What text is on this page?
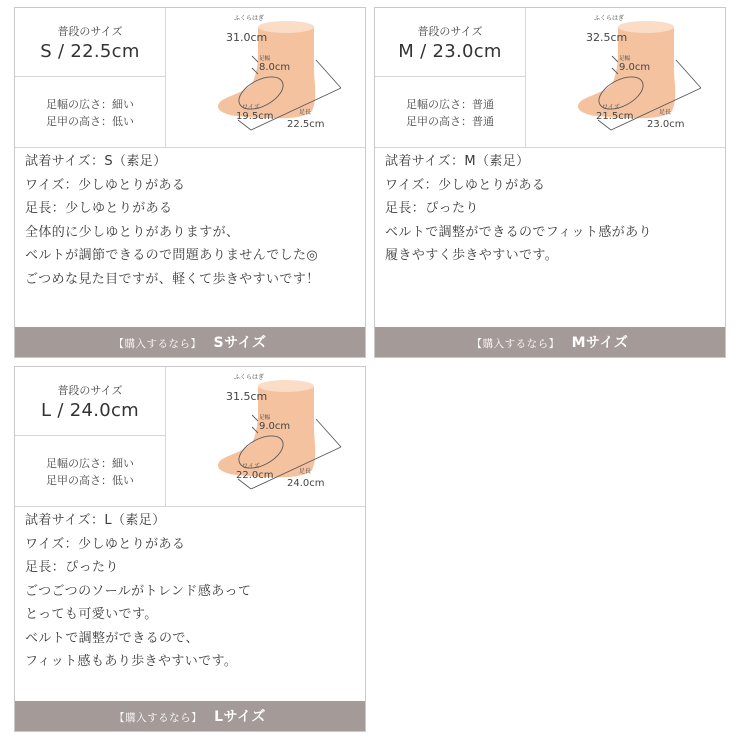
普段のサイズ
S / 22.5cm
足幅の広さ：細い
足甲の高さ：低い
ふくらはぎ
31.0cm
足幅
8.0cm
ワイズ
19.5cm	足長
22.5cm
試着サイズ：S（素足）
ワイズ：少しゆとりがある
足長：少しゆとりがある
全体的に少しゆとりがありますが、
ベルトが調節できるので問題ありませんでした◎
ごつめな見た目ですが、軽くて歩きやすいです！
【購入するなら】 Sサイズ
普段のサイズ
M / 23.0cm
足幅の広さ：普通
足甲の高さ：普通
ふくらはぎ
32.5cm
足幅
9.0cm
ワイズ
21.5cm	足長
23.0cm
試着サイズ：M（素足）
ワイズ：少しゆとりがある
足長：ぴったり
ベルトで調整ができるのでフィット感があり
履きやすく歩きやすいです。
【購入するなら】 Mサイズ
普段のサイズ
L / 24.0cm
足幅の広さ：細い
足甲の高さ：低い
ふくらはぎ
31.5cm
足幅
9.0cm
ワイズ
22.0cm	足長
24.0cm
試着サイズ：L（素足）
ワイズ：少しゆとりがある
足長：ぴったり
ごつごつのソールがトレンド感あって
とっても可愛いです。
ベルトで調整ができるので、
フィット感もあり歩きやすいです。
【購入するなら】 Lサイズ
